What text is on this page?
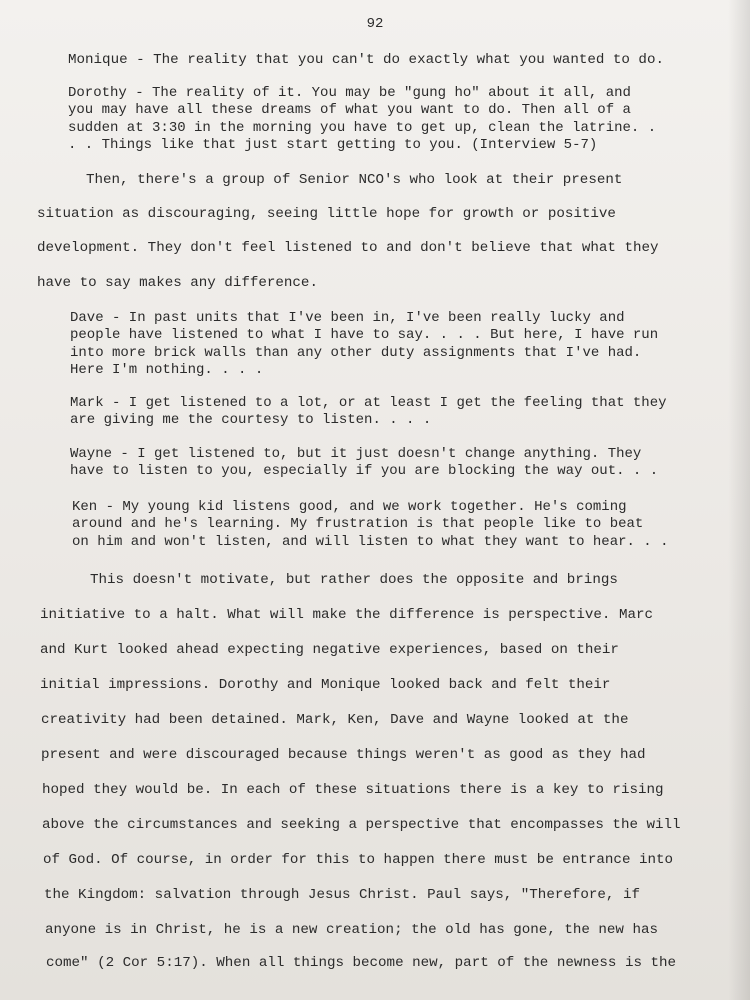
92
Monique - The reality that you can't do exactly what you wanted to do.
Dorothy - The reality of it. You may be "gung ho" about it all, and
you may have all these dreams of what you want to do. Then all of a
sudden at 3:30 in the morning you have to get up, clean the latrine. .
. . Things like that just start getting to you. (Interview 5-7)
Then, there's a group of Senior NCO's who look at their present
situation as discouraging, seeing little hope for growth or positive
development. They don't feel listened to and don't believe that what they
have to say makes any difference.
Dave - In past units that I've been in, I've been really lucky and
people have listened to what I have to say. . . . But here, I have run
into more brick walls than any other duty assignments that I've had.
Here I'm nothing. . . .
Mark - I get listened to a lot, or at least I get the feeling that they
are giving me the courtesy to listen. . . .
Wayne - I get listened to, but it just doesn't change anything. They
have to listen to you, especially if you are blocking the way out. . .
Ken - My young kid listens good, and we work together. He's coming
around and he's learning. My frustration is that people like to beat
on him and won't listen, and will listen to what they want to hear. . .
This doesn't motivate, but rather does the opposite and brings
initiative to a halt. What will make the difference is perspective. Marc
and Kurt looked ahead expecting negative experiences, based on their
initial impressions. Dorothy and Monique looked back and felt their
creativity had been detained. Mark, Ken, Dave and Wayne looked at the
present and were discouraged because things weren't as good as they had
hoped they would be. In each of these situations there is a key to rising
above the circumstances and seeking a perspective that encompasses the will
of God. Of course, in order for this to happen there must be entrance into
the Kingdom: salvation through Jesus Christ. Paul says, "Therefore, if
anyone is in Christ, he is a new creation; the old has gone, the new has
come" (2 Cor 5:17). When all things become new, part of the newness is the
